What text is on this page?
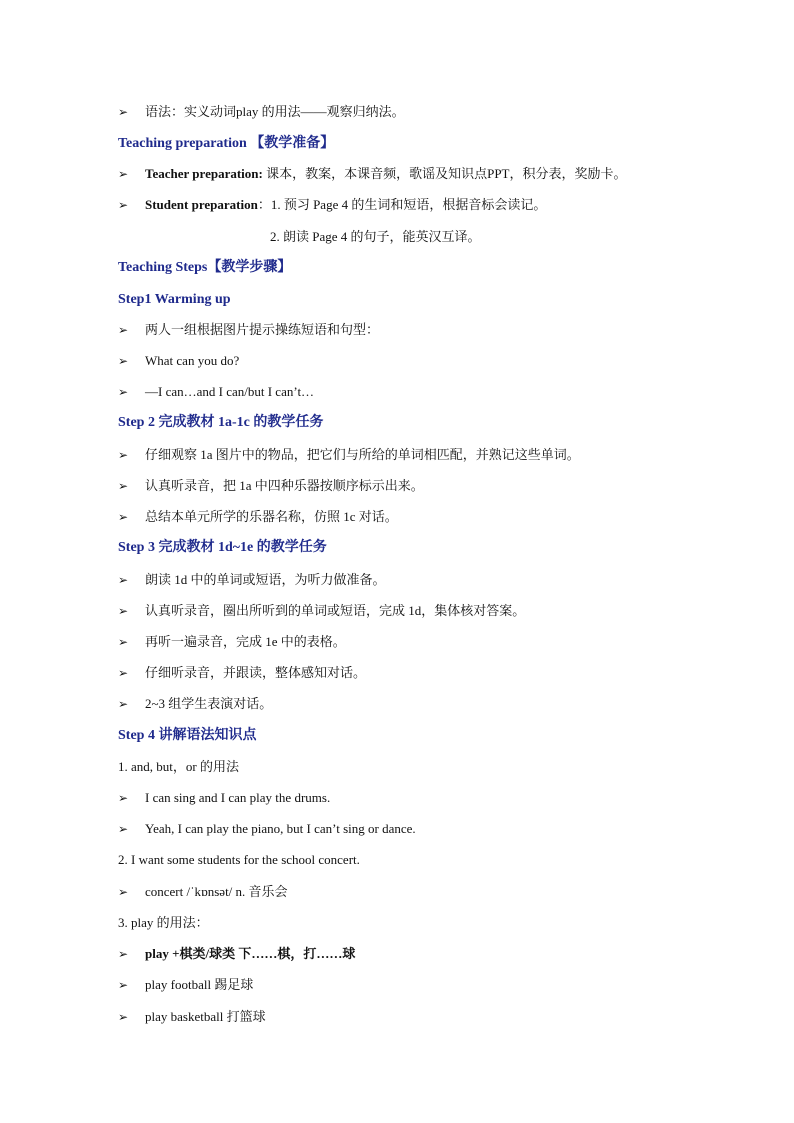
➢ 语法：实义动词play 的用法——观察归纳法。
Teaching preparation 【教学准备】
➢ Teacher preparation: 课本，教案，本课音频，歌谣及知识点PPT，积分表，奖励卡。
➢ Student preparation：1. 预习 Page 4 的生词和短语，根据音标会读记。
2. 朗读 Page 4 的句子，能英汉互译。
Teaching Steps【教学步骤】
Step1 Warming up
➢ 两人一组根据图片提示操练短语和句型：
➢ What can you do?
➢ —I can…and I can/but I can’t…
Step 2 完成教材 1a-1c 的教学任务
➢ 仔细观察 1a 图片中的物品，把它们与所给的单词相匹配，并熟记这些单词。
➢ 认真听录音，把 1a 中四种乐器按顺序标示出来。
➢ 总结本单元所学的乐器名称，仿照 1c 对话。
Step 3 完成教材 1d~1e 的教学任务
➢ 朗读 1d 中的单词或短语，为听力做准备。
➢ 认真听录音，圈出所听到的单词或短语，完成 1d，集体核对答案。
➢ 再听一遍录音，完成 1e 中的表格。
➢ 仔细听录音，并跟读，整体感知对话。
➢ 2~3 组学生表演对话。
Step 4 讲解语法知识点
1. and, but，or 的用法
➢ I can sing and I can play the drums.
➢ Yeah, I can play the piano, but I can’t sing or dance.
2. I want some students for the school concert.
➢ concert /ˈkɒnsət/ n. 音乐会
3. play 的用法：
➢ play +棋类/球类 下……棋，打……球
➢ play football 踢足球
➢ play basketball 打篮球
